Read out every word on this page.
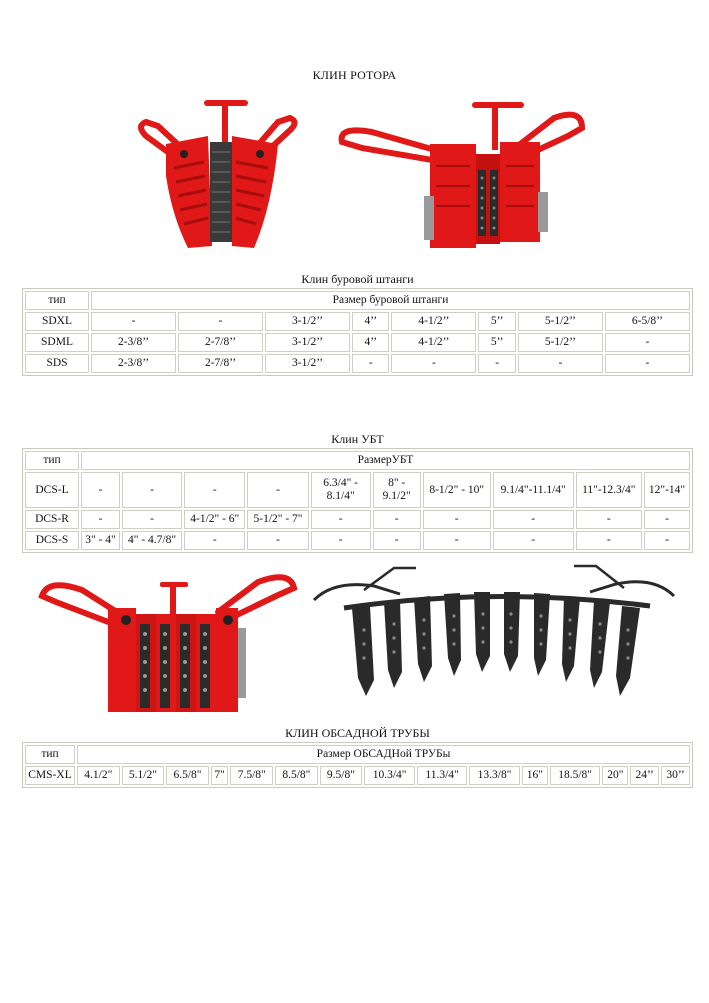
КЛИН РОТОРА
Клин буровой штанги
тип	Размер буровой штанги							
SDXL	-	-	3-1/2’’	4’’	4-1/2’’	5’’	5-1/2’’	6-5/8’’
SDML	2-3/8’’	2-7/8’’	3-1/2’’	4’’	4-1/2’’	5’’	5-1/2’’	-
SDS	2-3/8’’	2-7/8’’	3-1/2’’	-	-	-	-	-
Клин УБТ
тип	РазмерУБТ									
DCS-L	-	-	-	-	6.3/4" - 8.1/4"	8" - 9.1/2"	8-1/2" - 10"	9.1/4"-11.1/4"	11"-12.3/4"	12"-14"
DCS-R	-	-	4-1/2" - 6"	5-1/2" - 7"	-	-	-	-	-	-
DCS-S	3" - 4"	4" - 4.7/8"	-	-	-	-	-	-	-	-
КЛИН ОБСАДНОЙ ТРУБЫ
тип	Размер ОБСАДНой ТРУБы														
CMS-XL	4.1/2"	5.1/2"	6.5/8"	7"	7.5/8"	8.5/8"	9.5/8"	10.3/4"	11.3/4"	13.3/8"	16"	18.5/8"	20"	24’’	30’’
